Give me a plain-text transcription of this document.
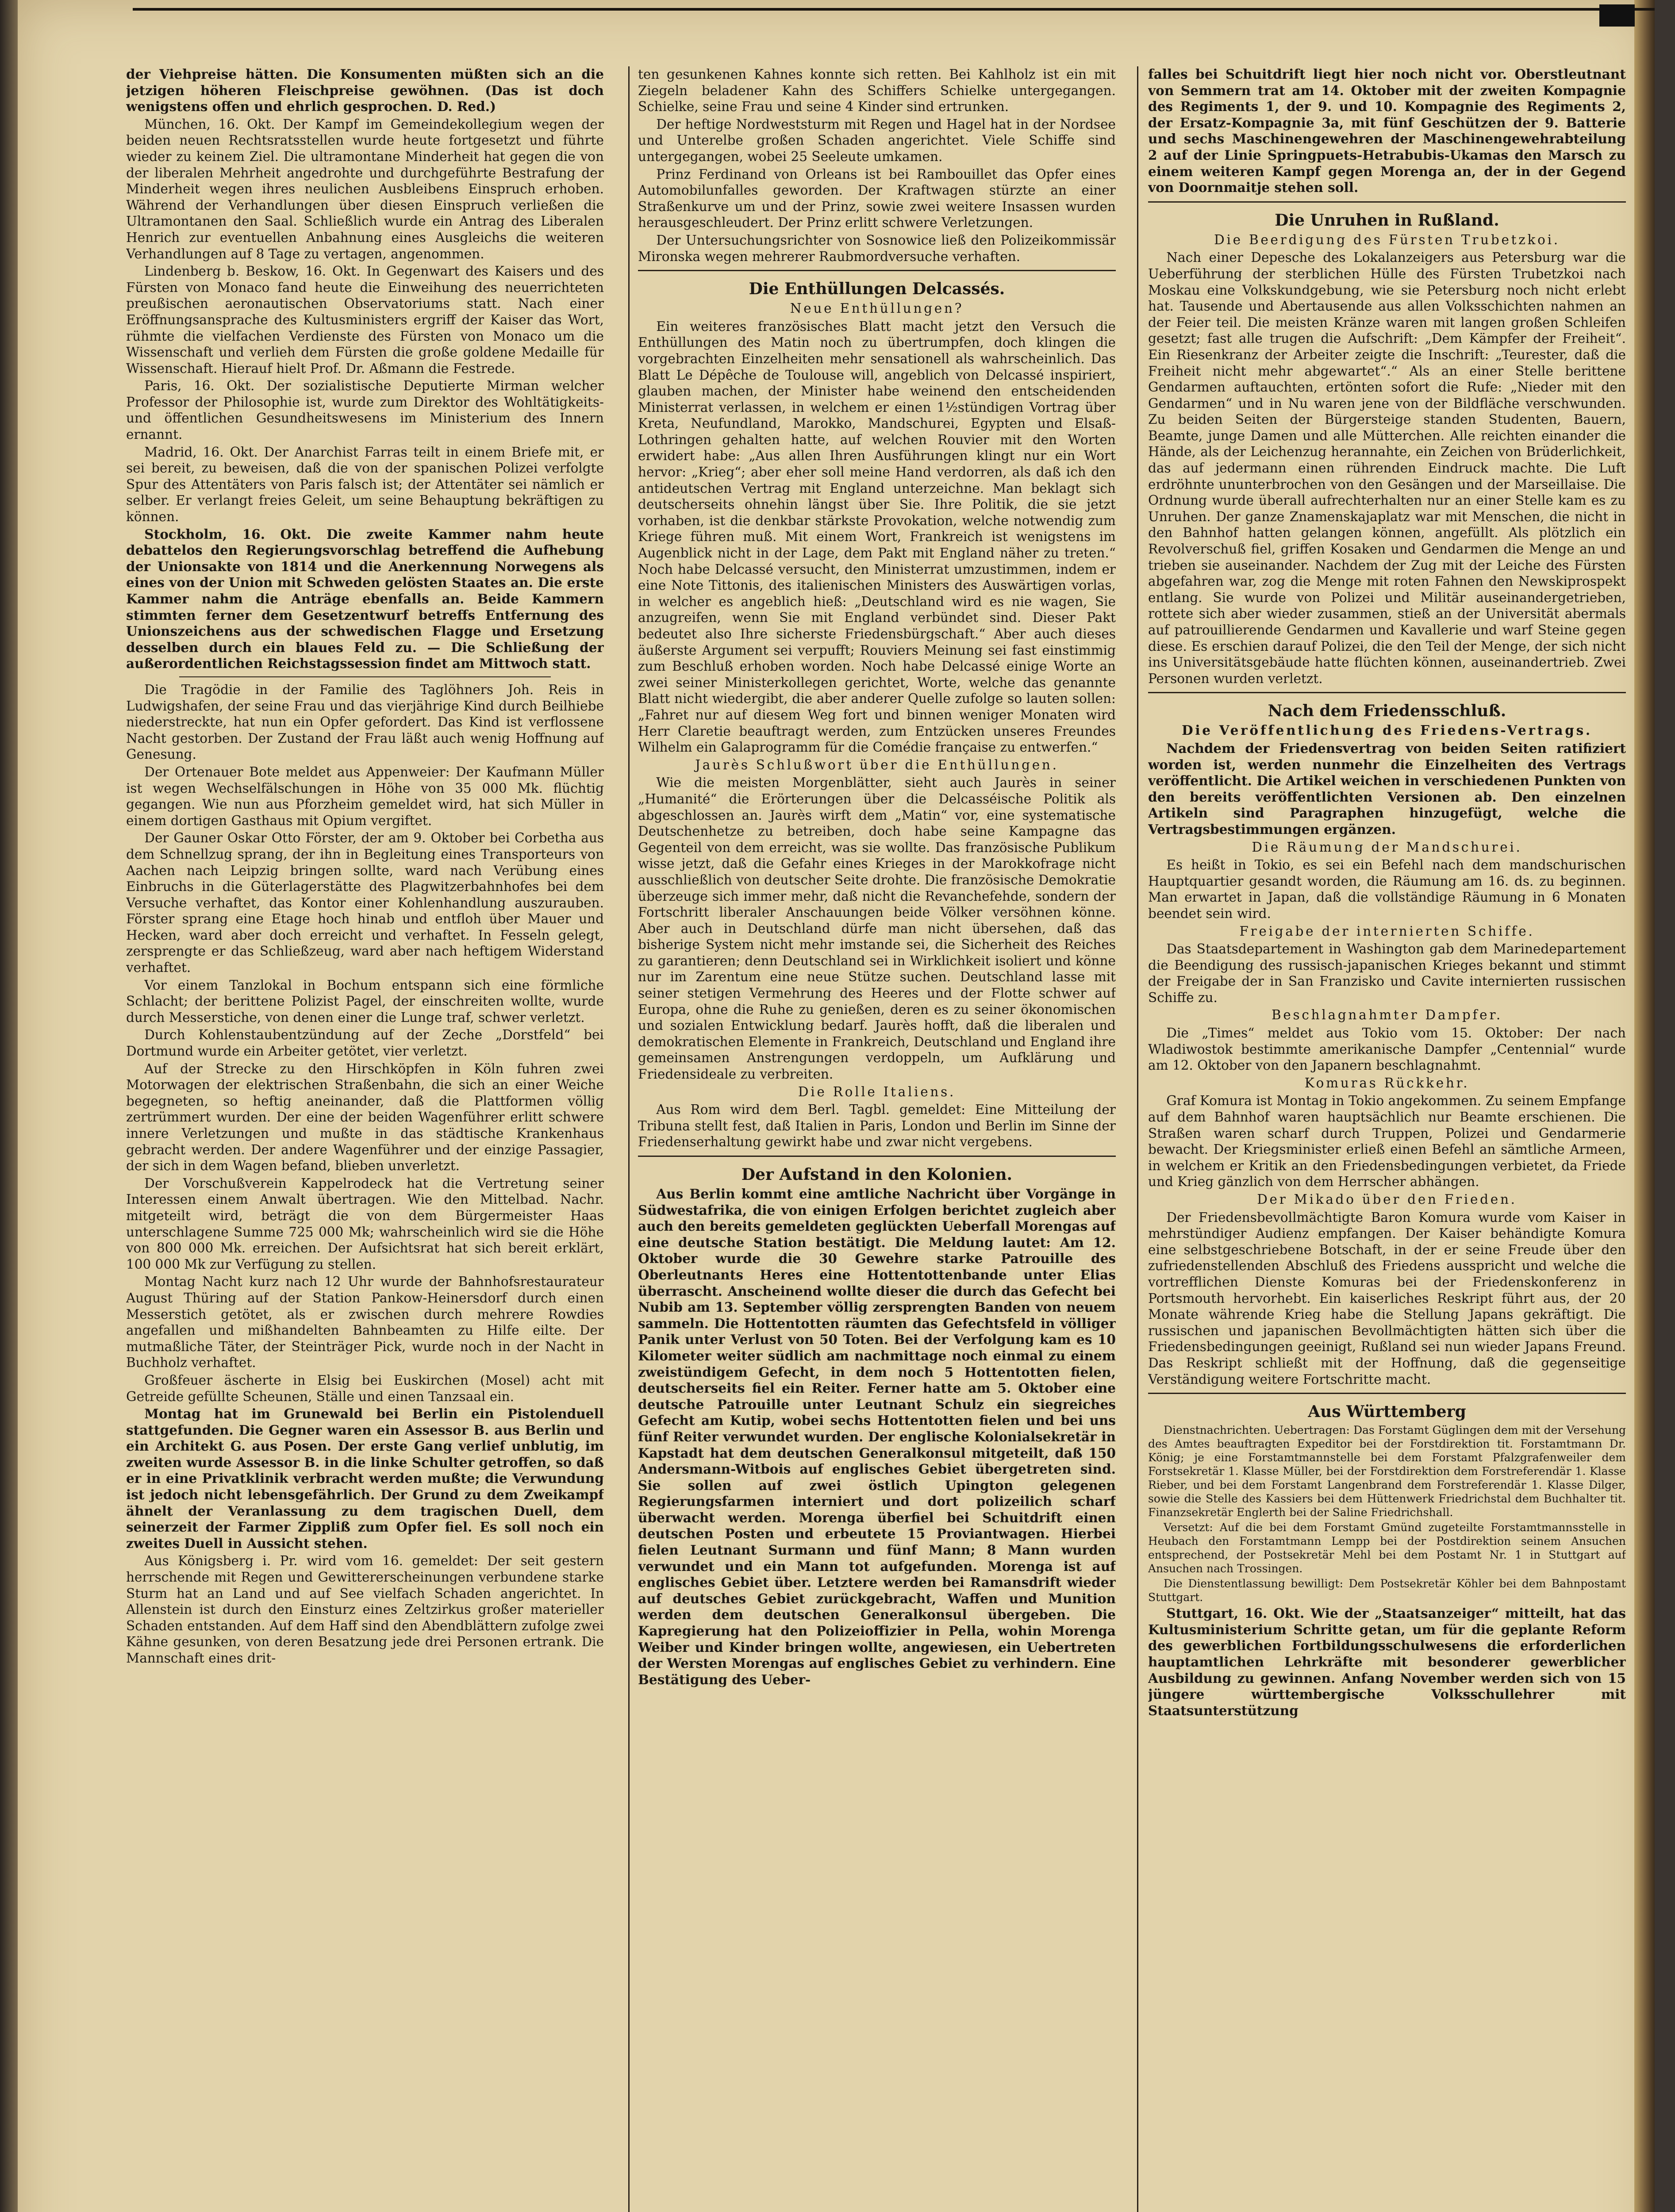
der Viehpreise hätten. Die Konsumenten müßten sich an die jetzigen höheren Fleischpreise gewöhnen. (Das ist doch wenigstens offen und ehrlich gesprochen. D. Red.)

München, 16. Okt. Der Kampf im Gemeindekollegium wegen der beiden neuen Rechtsratsstellen wurde heute fortgesetzt und führte wieder zu keinem Ziel. Die ultramontane Minderheit hat gegen die von der liberalen Mehrheit angedrohte und durchgeführte Bestrafung der Minderheit wegen ihres neulichen Ausbleibens Einspruch erhoben. Während der Verhandlungen über diesen Einspruch verließen die Ultramontanen den Saal. Schließlich wurde ein Antrag des Liberalen Henrich zur eventuellen Anbahnung eines Ausgleichs die weiteren Verhandlungen auf 8 Tage zu vertagen, angenommen.

Lindenberg b. Beskow, 16. Okt. In Gegenwart des Kaisers und des Fürsten von Monaco fand heute die Einweihung des neuerrichteten preußischen aeronautischen Observatoriums statt. Nach einer Eröffnungsansprache des Kultusministers ergriff der Kaiser das Wort, rühmte die vielfachen Verdienste des Fürsten von Monaco um die Wissenschaft und verlieh dem Fürsten die große goldene Medaille für Wissenschaft. Hierauf hielt Prof. Dr. Aßmann die Festrede.

Paris, 16. Okt. Der sozialistische Deputierte Mirman welcher Professor der Philosophie ist, wurde zum Direktor des Wohltätigkeits- und öffentlichen Gesundheitswesens im Ministerium des Innern ernannt.

Madrid, 16. Okt. Der Anarchist Farras teilt in einem Briefe mit, er sei bereit, zu beweisen, daß die von der spanischen Polizei verfolgte Spur des Attentäters von Paris falsch ist; der Attentäter sei nämlich er selber. Er verlangt freies Geleit, um seine Behauptung bekräftigen zu können.

Stockholm, 16. Okt. Die zweite Kammer nahm heute debattelos den Regierungsvorschlag betreffend die Aufhebung der Unionsakte von 1814 und die Anerkennung Norwegens als eines von der Union mit Schweden gelösten Staates an. Die erste Kammer nahm die Anträge ebenfalls an. Beide Kammern stimmten ferner dem Gesetzentwurf betreffs Entfernung des Unionszeichens aus der schwedischen Flagge und Ersetzung desselben durch ein blaues Feld zu. — Die Schließung der außerordentlichen Reichstagssession findet am Mittwoch statt.

Die Tragödie in der Familie des Taglöhners Joh. Reis in Ludwigshafen, der seine Frau und das vierjährige Kind durch Beilhiebe niederstreckte, hat nun ein Opfer gefordert. Das Kind ist verflossene Nacht gestorben. Der Zustand der Frau läßt auch wenig Hoffnung auf Genesung.

Der Ortenauer Bote meldet aus Appenweier: Der Kaufmann Müller ist wegen Wechselfälschungen in Höhe von 35 000 Mk. flüchtig gegangen. Wie nun aus Pforzheim gemeldet wird, hat sich Müller in einem dortigen Gasthaus mit Opium vergiftet.

Der Gauner Oskar Otto Förster, der am 9. Oktober bei Corbetha aus dem Schnellzug sprang, der ihn in Begleitung eines Transporteurs von Aachen nach Leipzig bringen sollte, ward nach Verübung eines Einbruchs in die Güterlagerstätte des Plagwitzerbahnhofes bei dem Versuche verhaftet, das Kontor einer Kohlenhandlung auszurauben. Förster sprang eine Etage hoch hinab und entfloh über Mauer und Hecken, ward aber doch erreicht und verhaftet. In Fesseln gelegt, zersprengte er das Schließzeug, ward aber nach heftigem Widerstand verhaftet.

Vor einem Tanzlokal in Bochum entspann sich eine förmliche Schlacht; der berittene Polizist Pagel, der einschreiten wollte, wurde durch Messerstiche, von denen einer die Lunge traf, schwer verletzt.

Durch Kohlenstaubentzündung auf der Zeche „Dorstfeld“ bei Dortmund wurde ein Arbeiter getötet, vier verletzt.

Auf der Strecke zu den Hirschköpfen in Köln fuhren zwei Motorwagen der elektrischen Straßenbahn, die sich an einer Weiche begegneten, so heftig aneinander, daß die Plattformen völlig zertrümmert wurden. Der eine der beiden Wagenführer erlitt schwere innere Verletzungen und mußte in das städtische Krankenhaus gebracht werden. Der andere Wagenführer und der einzige Passagier, der sich in dem Wagen befand, blieben unverletzt.

Der Vorschußverein Kappelrodeck hat die Vertretung seiner Interessen einem Anwalt übertragen. Wie den Mittelbad. Nachr. mitgeteilt wird, beträgt die von dem Bürgermeister Haas unterschlagene Summe 725 000 Mk; wahrscheinlich wird sie die Höhe von 800 000 Mk. erreichen. Der Aufsichtsrat hat sich bereit erklärt, 100 000 Mk zur Verfügung zu stellen.

Montag Nacht kurz nach 12 Uhr wurde der Bahnhofsrestaurateur August Thüring auf der Station Pankow-Heinersdorf durch einen Messerstich getötet, als er zwischen durch mehrere Rowdies angefallen und mißhandelten Bahnbeamten zu Hilfe eilte. Der mutmaßliche Täter, der Steinträger Pick, wurde noch in der Nacht in Buchholz verhaftet.

Großfeuer äscherte in Elsig bei Euskirchen (Mosel) acht mit Getreide gefüllte Scheunen, Ställe und einen Tanzsaal ein.

Montag hat im Grunewald bei Berlin ein Pistolenduell stattgefunden. Die Gegner waren ein Assessor B. aus Berlin und ein Architekt G. aus Posen. Der erste Gang verlief unblutig, im zweiten wurde Assessor B. in die linke Schulter getroffen, so daß er in eine Privatklinik verbracht werden mußte; die Verwundung ist jedoch nicht lebensgefährlich. Der Grund zu dem Zweikampf ähnelt der Veranlassung zu dem tragischen Duell, dem seinerzeit der Farmer Zippliß zum Opfer fiel. Es soll noch ein zweites Duell in Aussicht stehen.

Aus Königsberg i. Pr. wird vom 16. gemeldet: Der seit gestern herrschende mit Regen und Gewittererscheinungen verbundene starke Sturm hat an Land und auf See vielfach Schaden angerichtet. In Allenstein ist durch den Einsturz eines Zeltzirkus großer materieller Schaden entstanden. Auf dem Haff sind den Abendblättern zufolge zwei Kähne gesunken, von deren Besatzung jede drei Personen ertrank. Die Mannschaft eines drit-

ten gesunkenen Kahnes konnte sich retten. Bei Kahlholz ist ein mit Ziegeln beladener Kahn des Schiffers Schielke untergegangen. Schielke, seine Frau und seine 4 Kinder sind ertrunken.

Der heftige Nordweststurm mit Regen und Hagel hat in der Nordsee und Unterelbe großen Schaden angerichtet. Viele Schiffe sind untergegangen, wobei 25 Seeleute umkamen.

Prinz Ferdinand von Orleans ist bei Rambouillet das Opfer eines Automobilunfalles geworden. Der Kraftwagen stürzte an einer Straßenkurve um und der Prinz, sowie zwei weitere Insassen wurden herausgeschleudert. Der Prinz erlitt schwere Verletzungen.

Der Untersuchungsrichter von Sosnowice ließ den Polizeikommissär Mironska wegen mehrerer Raubmordversuche verhaften.

Die Enthüllungen Delcassés.
Neue Enthüllungen?

Ein weiteres französisches Blatt macht jetzt den Versuch die Enthüllungen des Matin noch zu übertrumpfen, doch klingen die vorgebrachten Einzelheiten mehr sensationell als wahrscheinlich. Das Blatt Le Dépêche de Toulouse will, angeblich von Delcassé inspiriert, glauben machen, der Minister habe weinend den entscheidenden Ministerrat verlassen, in welchem er einen 1½stündigen Vortrag über Kreta, Neufundland, Marokko, Mandschurei, Egypten und Elsaß-Lothringen gehalten hatte, auf welchen Rouvier mit den Worten erwidert habe: „Aus allen Ihren Ausführungen klingt nur ein Wort hervor: „Krieg“; aber eher soll meine Hand verdorren, als daß ich den antideutschen Vertrag mit England unterzeichne. Man beklagt sich deutscherseits ohnehin längst über Sie. Ihre Politik, die sie jetzt vorhaben, ist die denkbar stärkste Provokation, welche notwendig zum Kriege führen muß. Mit einem Wort, Frankreich ist wenigstens im Augenblick nicht in der Lage, dem Pakt mit England näher zu treten.“ Noch habe Delcassé versucht, den Ministerrat umzustimmen, indem er eine Note Tittonis, des italienischen Ministers des Auswärtigen vorlas, in welcher es angeblich hieß: „Deutschland wird es nie wagen, Sie anzugreifen, wenn Sie mit England verbündet sind. Dieser Pakt bedeutet also Ihre sicherste Friedensbürgschaft.“ Aber auch dieses äußerste Argument sei verpufft; Rouviers Meinung sei fast einstimmig zum Beschluß erhoben worden. Noch habe Delcassé einige Worte an zwei seiner Ministerkollegen gerichtet, Worte, welche das genannte Blatt nicht wiedergibt, die aber anderer Quelle zufolge so lauten sollen: „Fahret nur auf diesem Weg fort und binnen weniger Monaten wird Herr Claretie beauftragt werden, zum Entzücken unseres Freundes Wilhelm ein Galaprogramm für die Comédie française zu entwerfen.“

Jaurès Schlußwort über die Enthüllungen.

Wie die meisten Morgenblätter, sieht auch Jaurès in seiner „Humanité“ die Erörterungen über die Delcasséische Politik als abgeschlossen an. Jaurès wirft dem „Matin“ vor, eine systematische Deutschenhetze zu betreiben, doch habe seine Kampagne das Gegenteil von dem erreicht, was sie wollte. Das französische Publikum wisse jetzt, daß die Gefahr eines Krieges in der Marokkofrage nicht ausschließlich von deutscher Seite drohte. Die französische Demokratie überzeuge sich immer mehr, daß nicht die Revanchefehde, sondern der Fortschritt liberaler Anschauungen beide Völker versöhnen könne. Aber auch in Deutschland dürfe man nicht übersehen, daß das bisherige System nicht mehr imstande sei, die Sicherheit des Reiches zu garantieren; denn Deutschland sei in Wirklichkeit isoliert und könne nur im Zarentum eine neue Stütze suchen. Deutschland lasse mit seiner stetigen Vermehrung des Heeres und der Flotte schwer auf Europa, ohne die Ruhe zu genießen, deren es zu seiner ökonomischen und sozialen Entwicklung bedarf. Jaurès hofft, daß die liberalen und demokratischen Elemente in Frankreich, Deutschland und England ihre gemeinsamen Anstrengungen verdoppeln, um Aufklärung und Friedensideale zu verbreiten.

Die Rolle Italiens.

Aus Rom wird dem Berl. Tagbl. gemeldet: Eine Mitteilung der Tribuna stellt fest, daß Italien in Paris, London und Berlin im Sinne der Friedenserhaltung gewirkt habe und zwar nicht vergebens.

Der Aufstand in den Kolonien.

Aus Berlin kommt eine amtliche Nachricht über Vorgänge in Südwestafrika, die von einigen Erfolgen berichtet zugleich aber auch den bereits gemeldeten geglückten Ueberfall Morengas auf eine deutsche Station bestätigt. Die Meldung lautet: Am 12. Oktober wurde die 30 Gewehre starke Patrouille des Oberleutnants Heres eine Hottentottenbande unter Elias überrascht. Anscheinend wollte dieser die durch das Gefecht bei Nubib am 13. September völlig zersprengten Banden von neuem sammeln. Die Hottentotten räumten das Gefechtsfeld in völliger Panik unter Verlust von 50 Toten. Bei der Verfolgung kam es 10 Kilometer weiter südlich am nachmittage noch einmal zu einem zweistündigem Gefecht, in dem noch 5 Hottentotten fielen, deutscherseits fiel ein Reiter. Ferner hatte am 5. Oktober eine deutsche Patrouille unter Leutnant Schulz ein siegreiches Gefecht am Kutip, wobei sechs Hottentotten fielen und bei uns fünf Reiter verwundet wurden. Der englische Kolonialsekretär in Kapstadt hat dem deutschen Generalkonsul mitgeteilt, daß 150 Andersmann-Witbois auf englisches Gebiet übergetreten sind. Sie sollen auf zwei östlich Upington gelegenen Regierungsfarmen interniert und dort polizeilich scharf überwacht werden. Morenga überfiel bei Schuitdrift einen deutschen Posten und erbeutete 15 Proviantwagen. Hierbei fielen Leutnant Surmann und fünf Mann; 8 Mann wurden verwundet und ein Mann tot aufgefunden. Morenga ist auf englisches Gebiet über. Letztere werden bei Ramansdrift wieder auf deutsches Gebiet zurückgebracht, Waffen und Munition werden dem deutschen Generalkonsul übergeben. Die Kapregierung hat den Polizeioffizier in Pella, wohin Morenga Weiber und Kinder bringen wollte, angewiesen, ein Uebertreten der Wersten Morengas auf englisches Gebiet zu verhindern. Eine Bestätigung des Ueber-

falles bei Schuitdrift liegt hier noch nicht vor. Oberstleutnant von Semmern trat am 14. Oktober mit der zweiten Kompagnie des Regiments 1, der 9. und 10. Kompagnie des Regiments 2, der Ersatz-Kompagnie 3a, mit fünf Geschützen der 9. Batterie und sechs Maschinengewehren der Maschinengewehrabteilung 2 auf der Linie Springpuets-Hetrabubis-Ukamas den Marsch zu einem weiteren Kampf gegen Morenga an, der in der Gegend von Doornmaitje stehen soll.

Die Unruhen in Rußland.
Die Beerdigung des Fürsten Trubetzkoi.

Nach einer Depesche des Lokalanzeigers aus Petersburg war die Ueberführung der sterblichen Hülle des Fürsten Trubetzkoi nach Moskau eine Volkskundgebung, wie sie Petersburg noch nicht erlebt hat. Tausende und Abertausende aus allen Volksschichten nahmen an der Feier teil. Die meisten Kränze waren mit langen großen Schleifen gesetzt; fast alle trugen die Aufschrift: „Dem Kämpfer der Freiheit“. Ein Riesenkranz der Arbeiter zeigte die Inschrift: „Teurester, daß die Freiheit nicht mehr abgewartet“.“ Als an einer Stelle berittene Gendarmen auftauchten, ertönten sofort die Rufe: „Nieder mit den Gendarmen“ und in Nu waren jene von der Bildfläche verschwunden. Zu beiden Seiten der Bürgersteige standen Studenten, Bauern, Beamte, junge Damen und alle Mütterchen. Alle reichten einander die Hände, als der Leichenzug herannahte, ein Zeichen von Brüderlichkeit, das auf jedermann einen rührenden Eindruck machte. Die Luft erdröhnte ununterbrochen von den Gesängen und der Marseillaise. Die Ordnung wurde überall aufrechterhalten nur an einer Stelle kam es zu Unruhen. Der ganze Znamenskajaplatz war mit Menschen, die nicht in den Bahnhof hatten gelangen können, angefüllt. Als plötzlich ein Revolverschuß fiel, griffen Kosaken und Gendarmen die Menge an und trieben sie auseinander. Nachdem der Zug mit der Leiche des Fürsten abgefahren war, zog die Menge mit roten Fahnen den Newskiprospekt entlang. Sie wurde von Polizei und Militär auseinandergetrieben, rottete sich aber wieder zusammen, stieß an der Universität abermals auf patrouillierende Gendarmen und Kavallerie und warf Steine gegen diese. Es erschien darauf Polizei, die den Teil der Menge, der sich nicht ins Universitätsgebäude hatte flüchten können, auseinandertrieb. Zwei Personen wurden verletzt.

Nach dem Friedensschluß.
Die Veröffentlichung des Friedens-Vertrags.

Nachdem der Friedensvertrag von beiden Seiten ratifiziert worden ist, werden nunmehr die Einzelheiten des Vertrags veröffentlicht. Die Artikel weichen in verschiedenen Punkten von den bereits veröffentlichten Versionen ab. Den einzelnen Artikeln sind Paragraphen hinzugefügt, welche die Vertragsbestimmungen ergänzen.

Die Räumung der Mandschurei.

Es heißt in Tokio, es sei ein Befehl nach dem mandschurischen Hauptquartier gesandt worden, die Räumung am 16. ds. zu beginnen. Man erwartet in Japan, daß die vollständige Räumung in 6 Monaten beendet sein wird.

Freigabe der internierten Schiffe.

Das Staatsdepartement in Washington gab dem Marinedepartement die Beendigung des russisch-japanischen Krieges bekannt und stimmt der Freigabe der in San Franzisko und Cavite internierten russischen Schiffe zu.

Beschlagnahmter Dampfer.

Die „Times“ meldet aus Tokio vom 15. Oktober: Der nach Wladiwostok bestimmte amerikanische Dampfer „Centennial“ wurde am 12. Oktober von den Japanern beschlagnahmt.

Komuras Rückkehr.

Graf Komura ist Montag in Tokio angekommen. Zu seinem Empfange auf dem Bahnhof waren hauptsächlich nur Beamte erschienen. Die Straßen waren scharf durch Truppen, Polizei und Gendarmerie bewacht. Der Kriegsminister erließ einen Befehl an sämtliche Armeen, in welchem er Kritik an den Friedensbedingungen verbietet, da Friede und Krieg gänzlich von dem Herrscher abhängen.

Der Mikado über den Frieden.

Der Friedensbevollmächtigte Baron Komura wurde vom Kaiser in mehrstündiger Audienz empfangen. Der Kaiser behändigte Komura eine selbstgeschriebene Botschaft, in der er seine Freude über den zufriedenstellenden Abschluß des Friedens ausspricht und welche die vortrefflichen Dienste Komuras bei der Friedenskonferenz in Portsmouth hervorhebt. Ein kaiserliches Reskript führt aus, der 20 Monate währende Krieg habe die Stellung Japans gekräftigt. Die russischen und japanischen Bevollmächtigten hätten sich über die Friedensbedingungen geeinigt, Rußland sei nun wieder Japans Freund. Das Reskript schließt mit der Hoffnung, daß die gegenseitige Verständigung weitere Fortschritte macht.

Aus Württemberg

Dienstnachrichten. Uebertragen: Das Forstamt Güglingen dem mit der Versehung des Amtes beauftragten Expeditor bei der Forstdirektion tit. Forstamtmann Dr. König; je eine Forstamtmannstelle bei dem Forstamt Pfalzgrafenweiler dem Forstsekretär 1. Klasse Müller, bei der Forstdirektion dem Forstreferendär 1. Klasse Rieber, und bei dem Forstamt Langenbrand dem Forstreferendär 1. Klasse Dilger, sowie die Stelle des Kassiers bei dem Hüttenwerk Friedrichstal dem Buchhalter tit. Finanzsekretär Englerth bei der Saline Friedrichshall.

Versetzt: Auf die bei dem Forstamt Gmünd zugeteilte Forstamtmannsstelle in Heubach den Forstamtmann Lempp bei der Postdirektion seinem Ansuchen entsprechend, der Postsekretär Mehl bei dem Postamt Nr. 1 in Stuttgart auf Ansuchen nach Trossingen.

Die Dienstentlassung bewilligt: Dem Postsekretär Köhler bei dem Bahnpostamt Stuttgart.

Stuttgart, 16. Okt. Wie der „Staatsanzeiger“ mitteilt, hat das Kultusministerium Schritte getan, um für die geplante Reform des gewerblichen Fortbildungsschulwesens die erforderlichen hauptamtlichen Lehrkräfte mit besonderer gewerblicher Ausbildung zu gewinnen. Anfang November werden sich von 15 jüngere württembergische Volksschullehrer mit Staatsunterstützung
